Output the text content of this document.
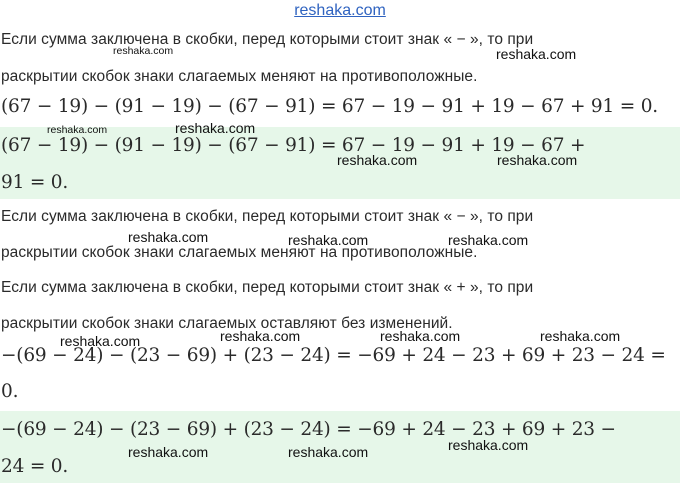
reshaka.com
Если сумма заключена в скобки, перед которыми стоит знак « − », то при
раскрытии скобок знаки слагаемых меняют на противоположные.
(67 − 19) − (91 − 19) − (67 − 91) = 67 − 19 − 91 + 19 − 67 + 91 = 0.
(67 − 19) − (91 − 19) − (67 − 91) = 67 − 19 − 91 + 19 − 67 +
91 = 0.
Если сумма заключена в скобки, перед которыми стоит знак « − », то при
раскрытии скобок знаки слагаемых меняют на противоположные.
Если сумма заключена в скобки, перед которыми стоит знак « + », то при
раскрытии скобок знаки слагаемых оставляют без изменений.
−(69 − 24) − (23 − 69) + (23 − 24) = −69 + 24 − 23 + 69 + 23 − 24 =
0.
−(69 − 24) − (23 − 69) + (23 − 24) = −69 + 24 − 23 + 69 + 23 −
24 = 0.
reshaka.com	reshaka.com
reshaka.com	reshaka.com
reshaka.com	reshaka.com
reshaka.com	reshaka.com	reshaka.com
reshaka.com	reshaka.com	reshaka.com	reshaka.com
reshaka.com	reshaka.com	reshaka.com
